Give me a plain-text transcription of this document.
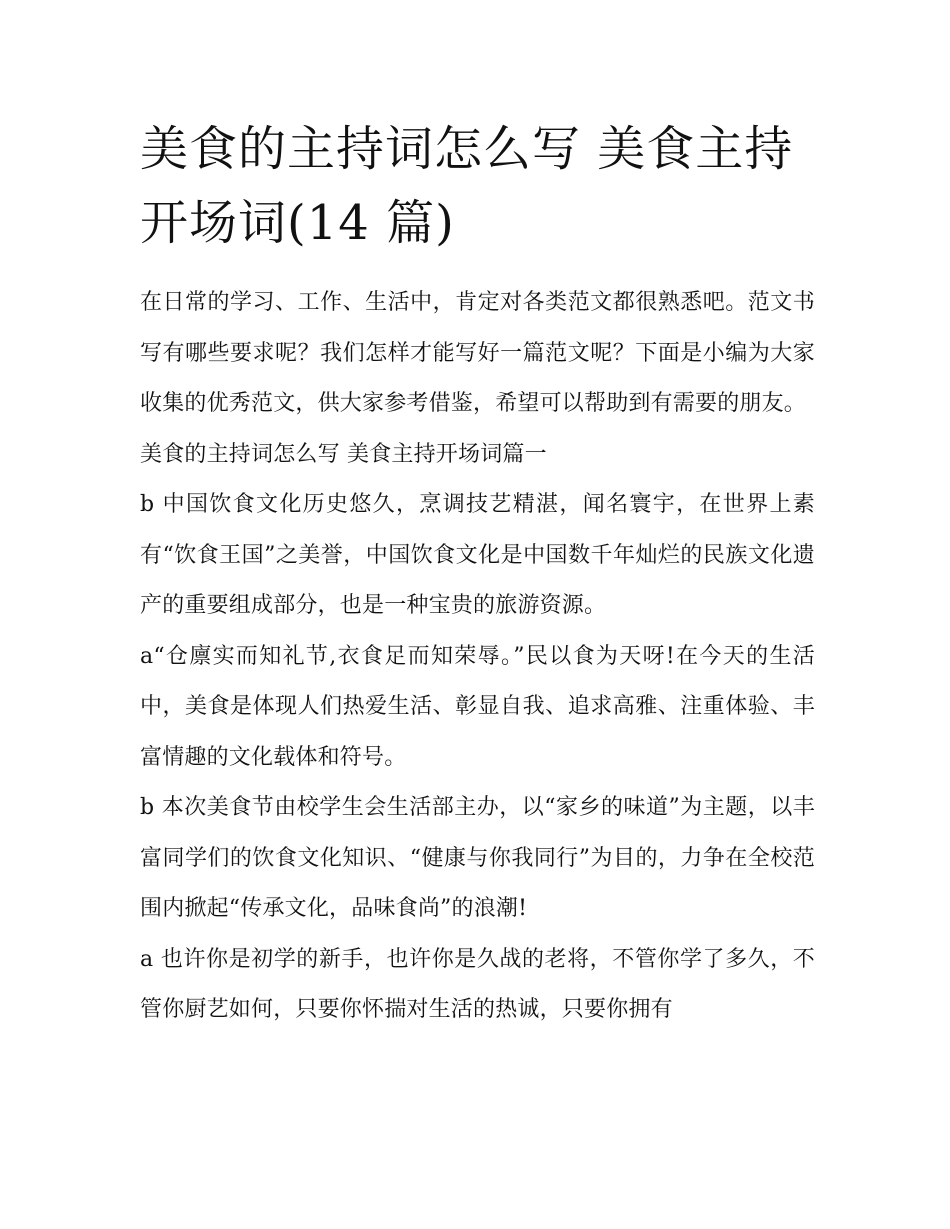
美食的主持词怎么写 美食主持开场词(14 篇)

在日常的学习、工作、生活中，肯定对各类范文都很熟悉吧。范文书写有哪些要求呢？我们怎样才能写好一篇范文呢？下面是小编为大家收集的优秀范文，供大家参考借鉴，希望可以帮助到有需要的朋友。

美食的主持词怎么写 美食主持开场词篇一

b 中国饮食文化历史悠久，烹调技艺精湛，闻名寰宇，在世界上素有“饮食王国”之美誉，中国饮食文化是中国数千年灿烂的民族文化遗产的重要组成部分，也是一种宝贵的旅游资源。

a“仓廪实而知礼节,衣食足而知荣辱。”民以食为天呀!在今天的生活中，美食是体现人们热爱生活、彰显自我、追求高雅、注重体验、丰富情趣的文化载体和符号。

b 本次美食节由校学生会生活部主办，以“家乡的味道”为主题，以丰富同学们的饮食文化知识、“健康与你我同行”为目的，力争在全校范围内掀起“传承文化，品味食尚”的浪潮!

a 也许你是初学的新手，也许你是久战的老将，不管你学了多久，不管你厨艺如何，只要你怀揣对生活的热诚，只要你拥有
